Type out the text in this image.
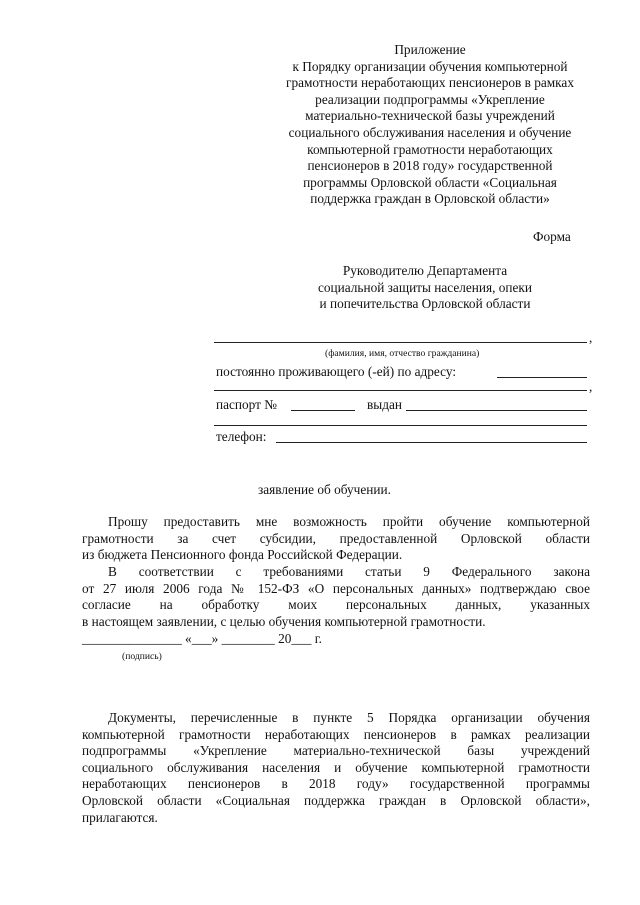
Приложение
к Порядку организации обучения компьютерной
грамотности неработающих пенсионеров в рамках
реализации подпрограммы «Укрепление
материально-технической базы учреждений
социального обслуживания населения и обучение
компьютерной грамотности неработающих
пенсионеров в 2018 году» государственной
программы Орловской области «Социальная
поддержка граждан в Орловской области»
Форма
Руководителю Департамента
социальной защиты населения, опеки
и попечительства Орловской области
,
(фамилия, имя, отчество гражданина)
постоянно проживающего (-ей) по адресу:
,
паспорт №	выдан
телефон:
заявление об обучении.
Прошу предоставить мне возможность пройти обучение компьютерной
грамотности за счет субсидии, предоставленной Орловской области
из бюджета Пенсионного фонда Российской Федерации.
В соответствии с требованиями статьи 9 Федерального закона
от 27 июля 2006 года № 152-ФЗ «О персональных данных» подтверждаю свое
согласие на обработку моих персональных данных, указанных
в настоящем заявлении, с целью обучения компьютерной грамотности.
_______________ «___» ________ 20___ г.
(подпись)
Документы, перечисленные в пункте 5 Порядка организации обучения
компьютерной грамотности неработающих пенсионеров в рамках реализации
подпрограммы «Укрепление материально-технической базы учреждений
социального обслуживания населения и обучение компьютерной грамотности
неработающих пенсионеров в 2018 году» государственной программы
Орловской области «Социальная поддержка граждан в Орловской области»,
прилагаются.
